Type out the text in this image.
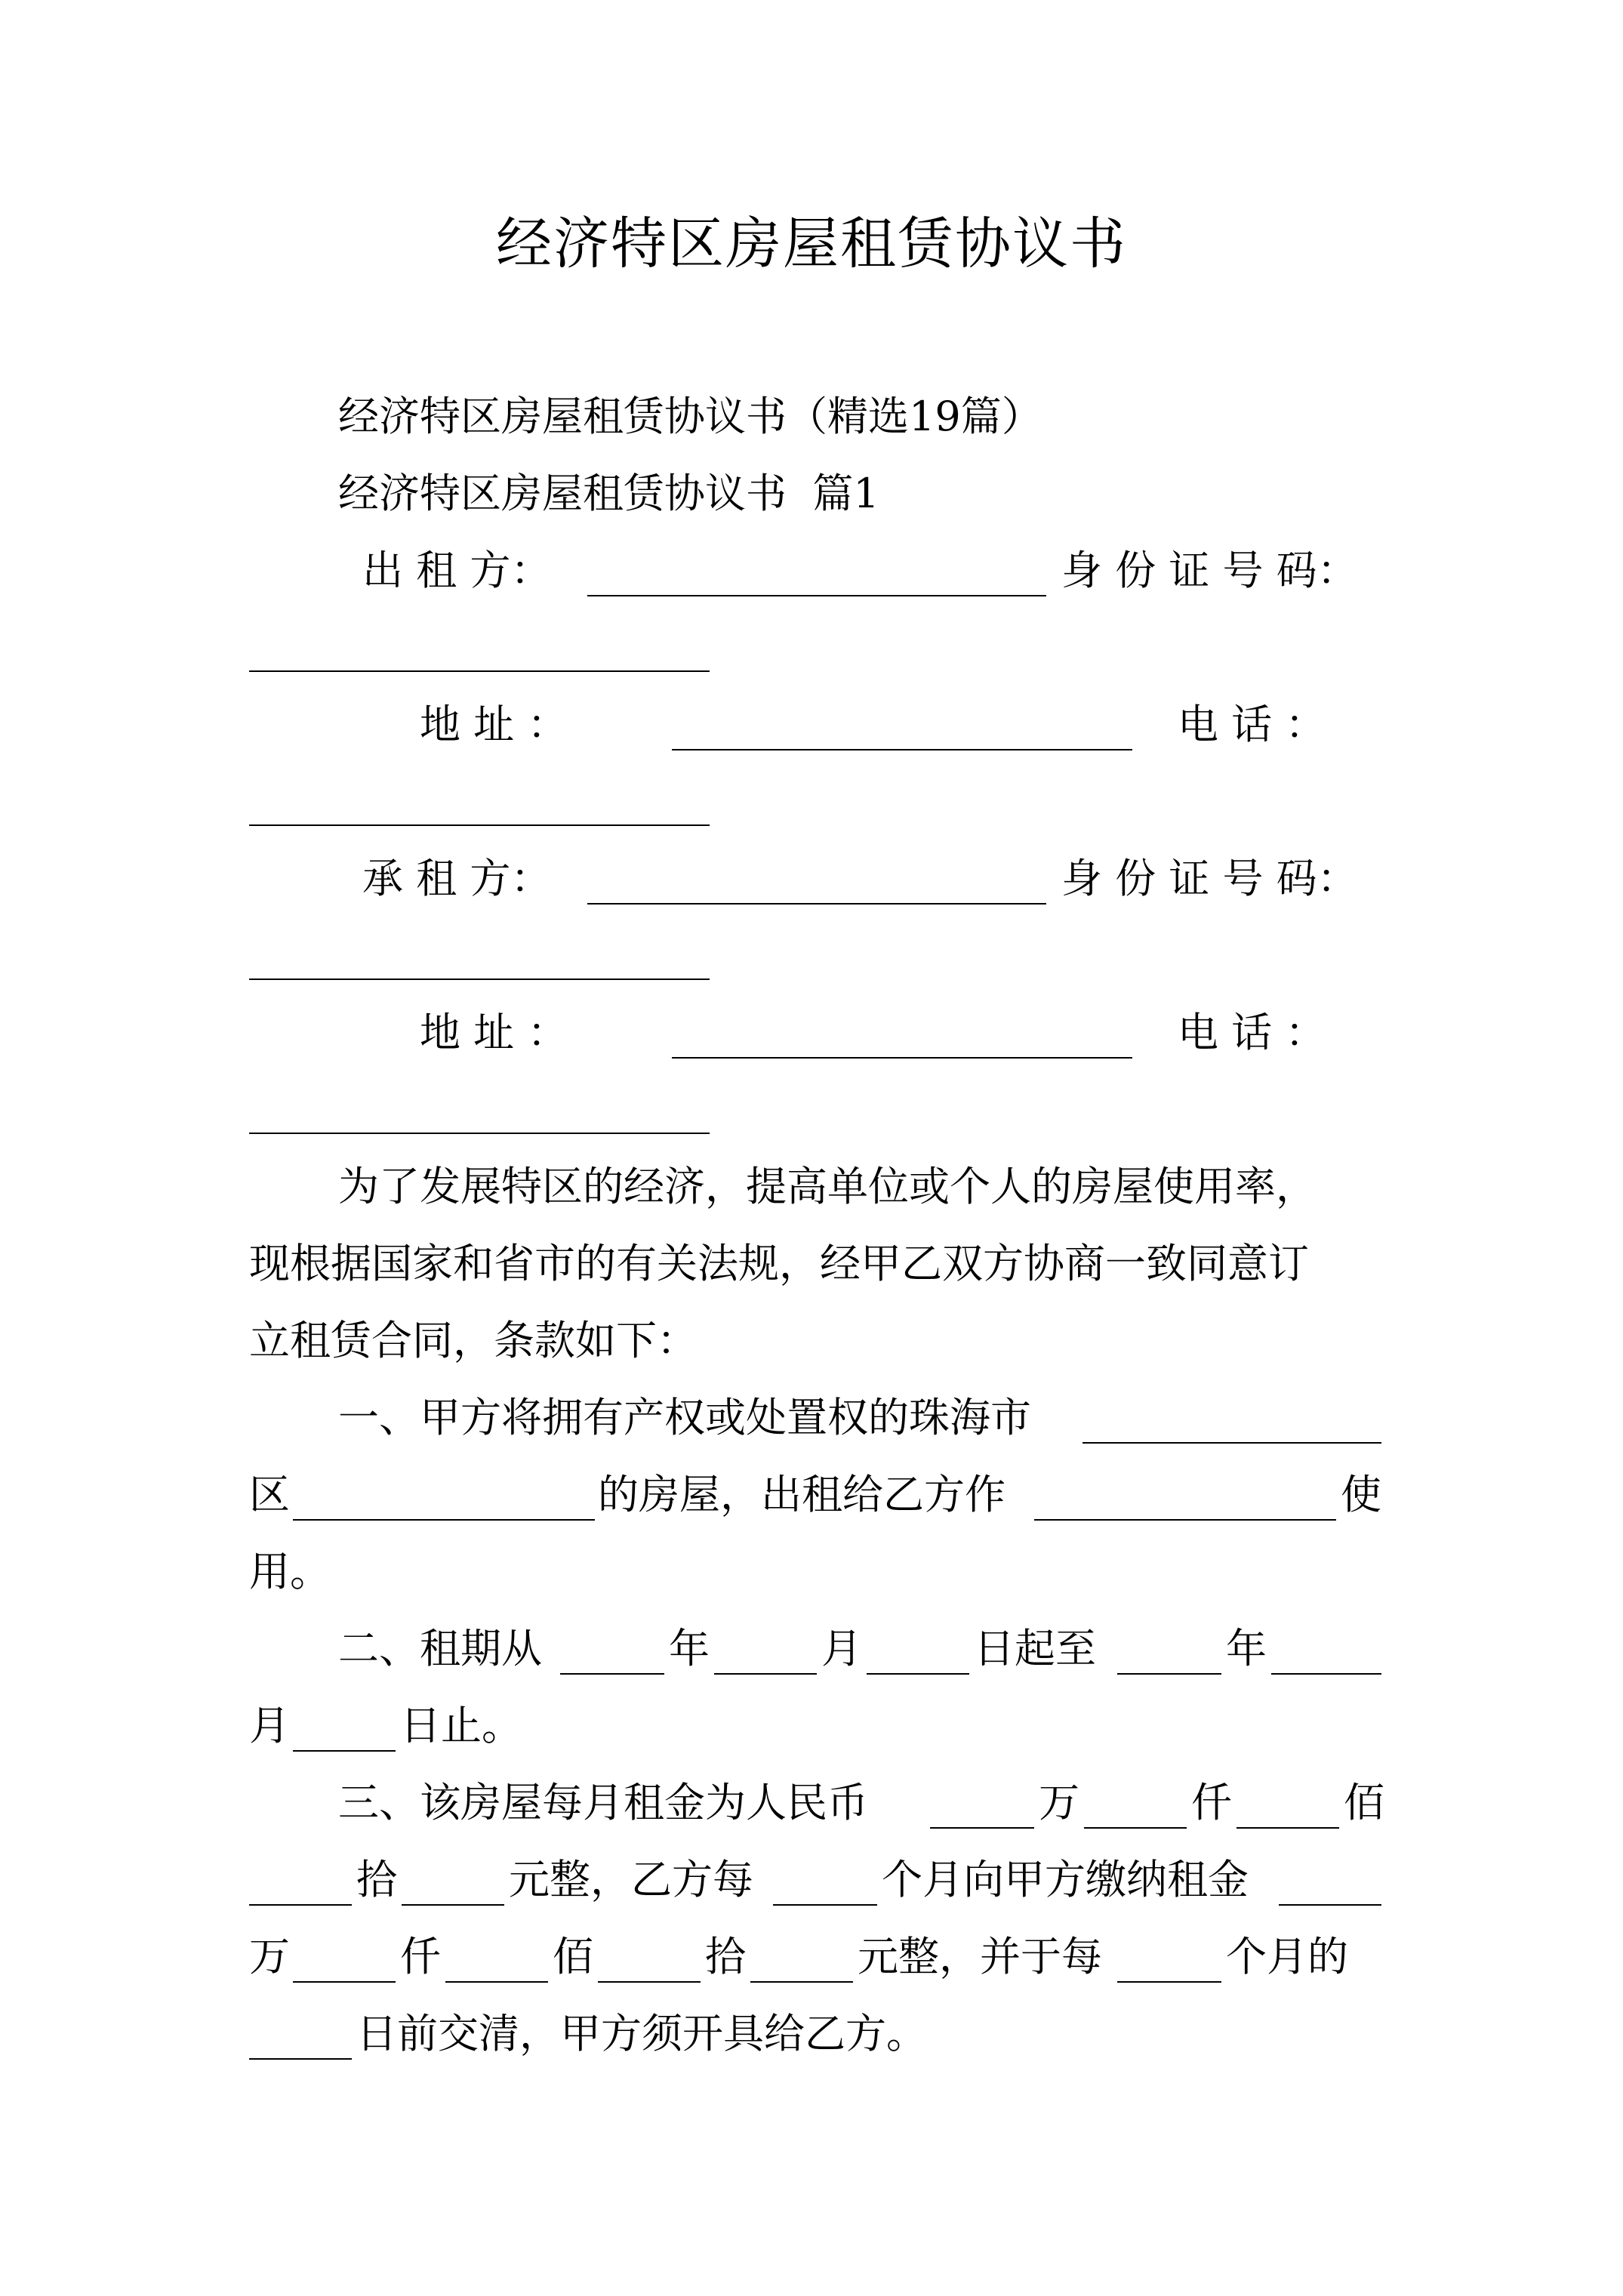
经济特区房屋租赁协议书
经济特区房屋租赁协议书（精选19篇）
经济特区房屋租赁协议书  篇1
出 租 方：	身 份 证 号 码：
地 址 ：	电 话 ：
承 租 方：	身 份 证 号 码：
地 址 ：	电 话 ：
为了发展特区的经济，提高单位或个人的房屋使用率，
现根据国家和省市的有关法规，经甲乙双方协商一致同意订
立租赁合同，条款如下：
一、甲方将拥有产权或处置权的珠海市
区	的房屋，出租给乙方作	使
用。
二、租期从	年	月	日起至	年
月	日止。
三、该房屋每月租金为人民币	万	仟	佰
拾	元整，乙方每	个月向甲方缴纳租金
万	仟	佰	拾	元整，并于每	个月的
日前交清，甲方须开具给乙方。
